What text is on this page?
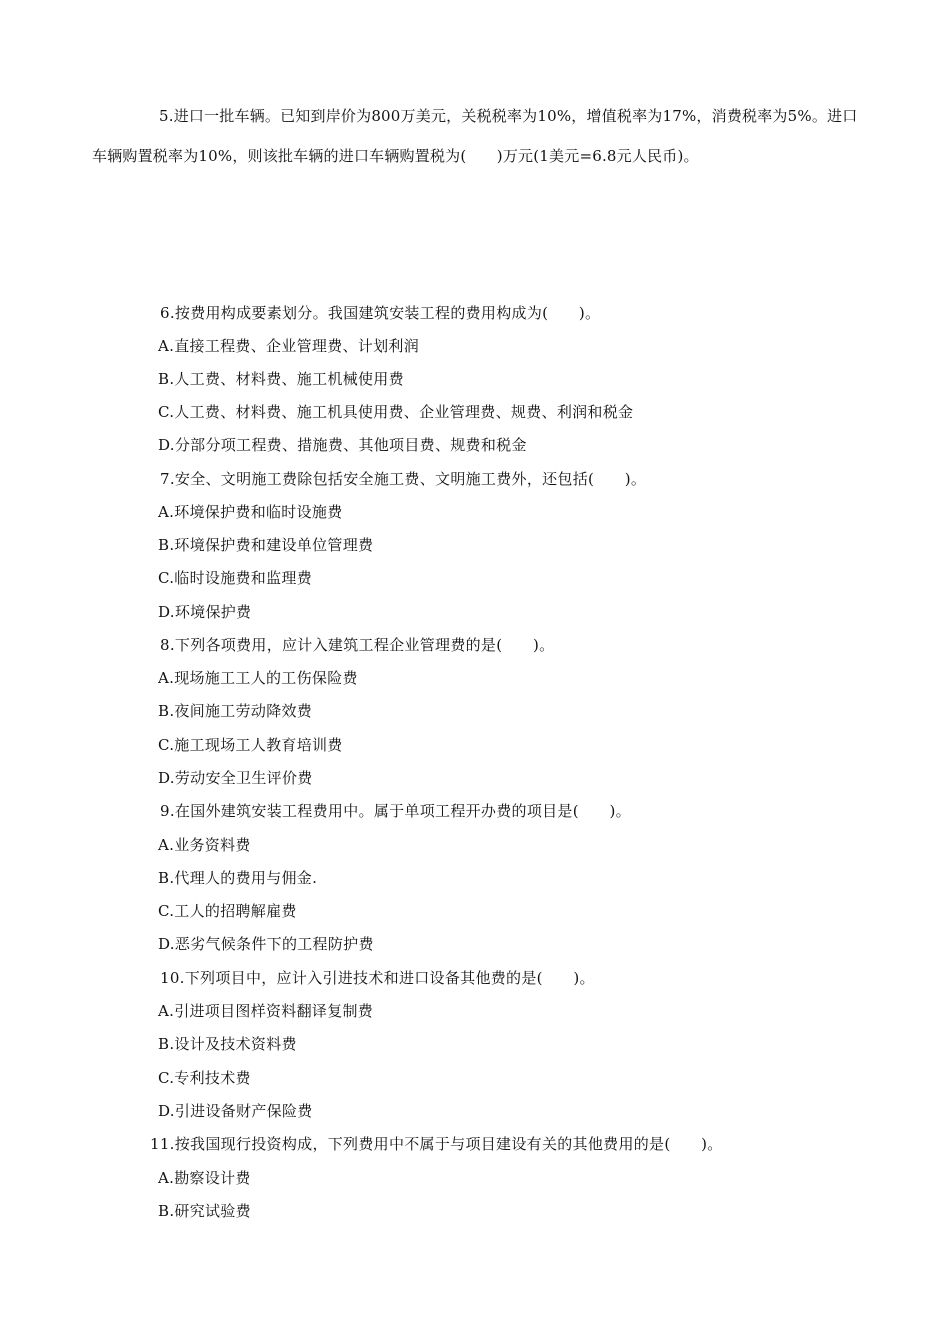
5.进口一批车辆。已知到岸价为800万美元，关税税率为10%，增值税率为17%，消费税率为5%。进口车辆购置税率为10%，则该批车辆的进口车辆购置税为(　　)万元(1美元=6.8元人民币)。

6.按费用构成要素划分。我国建筑安装工程的费用构成为(　　)。
A.直接工程费、企业管理费、计划利润
B.人工费、材料费、施工机械使用费
C.人工费、材料费、施工机具使用费、企业管理费、规费、利润和税金
D.分部分项工程费、措施费、其他项目费、规费和税金
7.安全、文明施工费除包括安全施工费、文明施工费外，还包括(　　)。
A.环境保护费和临时设施费
B.环境保护费和建设单位管理费
C.临时设施费和监理费
D.环境保护费
8.下列各项费用，应计入建筑工程企业管理费的是(　　)。
A.现场施工工人的工伤保险费
B.夜间施工劳动降效费
C.施工现场工人教育培训费
D.劳动安全卫生评价费
9.在国外建筑安装工程费用中。属于单项工程开办费的项目是(　　)。
A.业务资料费
B.代理人的费用与佣金.
C.工人的招聘解雇费
D.恶劣气候条件下的工程防护费
10.下列项目中，应计入引进技术和进口设备其他费的是(　　)。
A.引进项目图样资料翻译复制费
B.设计及技术资料费
C.专利技术费
D.引进设备财产保险费
11.按我国现行投资构成，下列费用中不属于与项目建设有关的其他费用的是(　　)。
A.勘察设计费
B.研究试验费
